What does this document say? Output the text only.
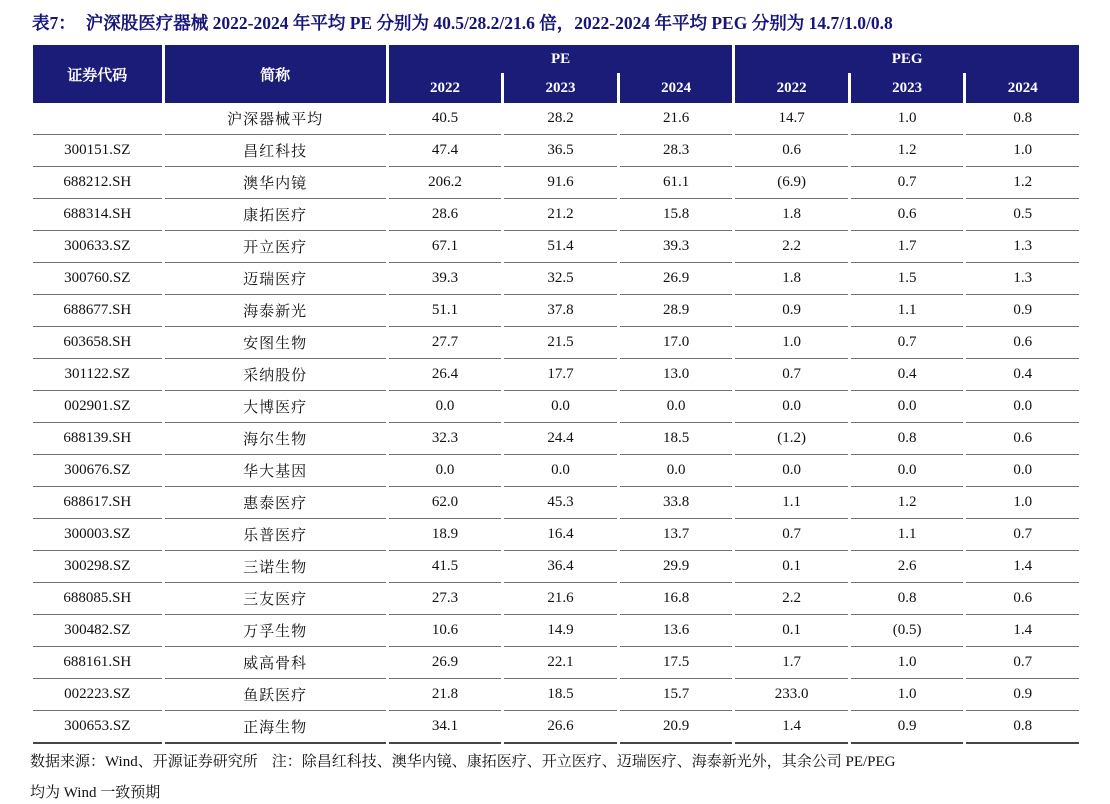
表7： 沪深股医疗器械 2022-2024 年平均 PE 分别为 40.5/28.2/21.6 倍，2022-2024 年平均 PEG 分别为 14.7/1.0/0.8
证券代码	简称	PE			PEG		
		2022	2023	2024	2022	2023	2024
	沪深器械平均	40.5	28.2	21.6	14.7	1.0	0.8
300151.SZ	昌红科技	47.4	36.5	28.3	0.6	1.2	1.0
688212.SH	澳华内镜	206.2	91.6	61.1	(6.9)	0.7	1.2
688314.SH	康拓医疗	28.6	21.2	15.8	1.8	0.6	0.5
300633.SZ	开立医疗	67.1	51.4	39.3	2.2	1.7	1.3
300760.SZ	迈瑞医疗	39.3	32.5	26.9	1.8	1.5	1.3
688677.SH	海泰新光	51.1	37.8	28.9	0.9	1.1	0.9
603658.SH	安图生物	27.7	21.5	17.0	1.0	0.7	0.6
301122.SZ	采纳股份	26.4	17.7	13.0	0.7	0.4	0.4
002901.SZ	大博医疗	0.0	0.0	0.0	0.0	0.0	0.0
688139.SH	海尔生物	32.3	24.4	18.5	(1.2)	0.8	0.6
300676.SZ	华大基因	0.0	0.0	0.0	0.0	0.0	0.0
688617.SH	惠泰医疗	62.0	45.3	33.8	1.1	1.2	1.0
300003.SZ	乐普医疗	18.9	16.4	13.7	0.7	1.1	0.7
300298.SZ	三诺生物	41.5	36.4	29.9	0.1	2.6	1.4
688085.SH	三友医疗	27.3	21.6	16.8	2.2	0.8	0.6
300482.SZ	万孚生物	10.6	14.9	13.6	0.1	(0.5)	1.4
688161.SH	威高骨科	26.9	22.1	17.5	1.7	1.0	0.7
002223.SZ	鱼跃医疗	21.8	18.5	15.7	233.0	1.0	0.9
300653.SZ	正海生物	34.1	26.6	20.9	1.4	0.9	0.8
数据来源：Wind、开源证券研究所 注：除昌红科技、澳华内镜、康拓医疗、开立医疗、迈瑞医疗、海泰新光外，其余公司 PE/PEG
均为 Wind 一致预期
